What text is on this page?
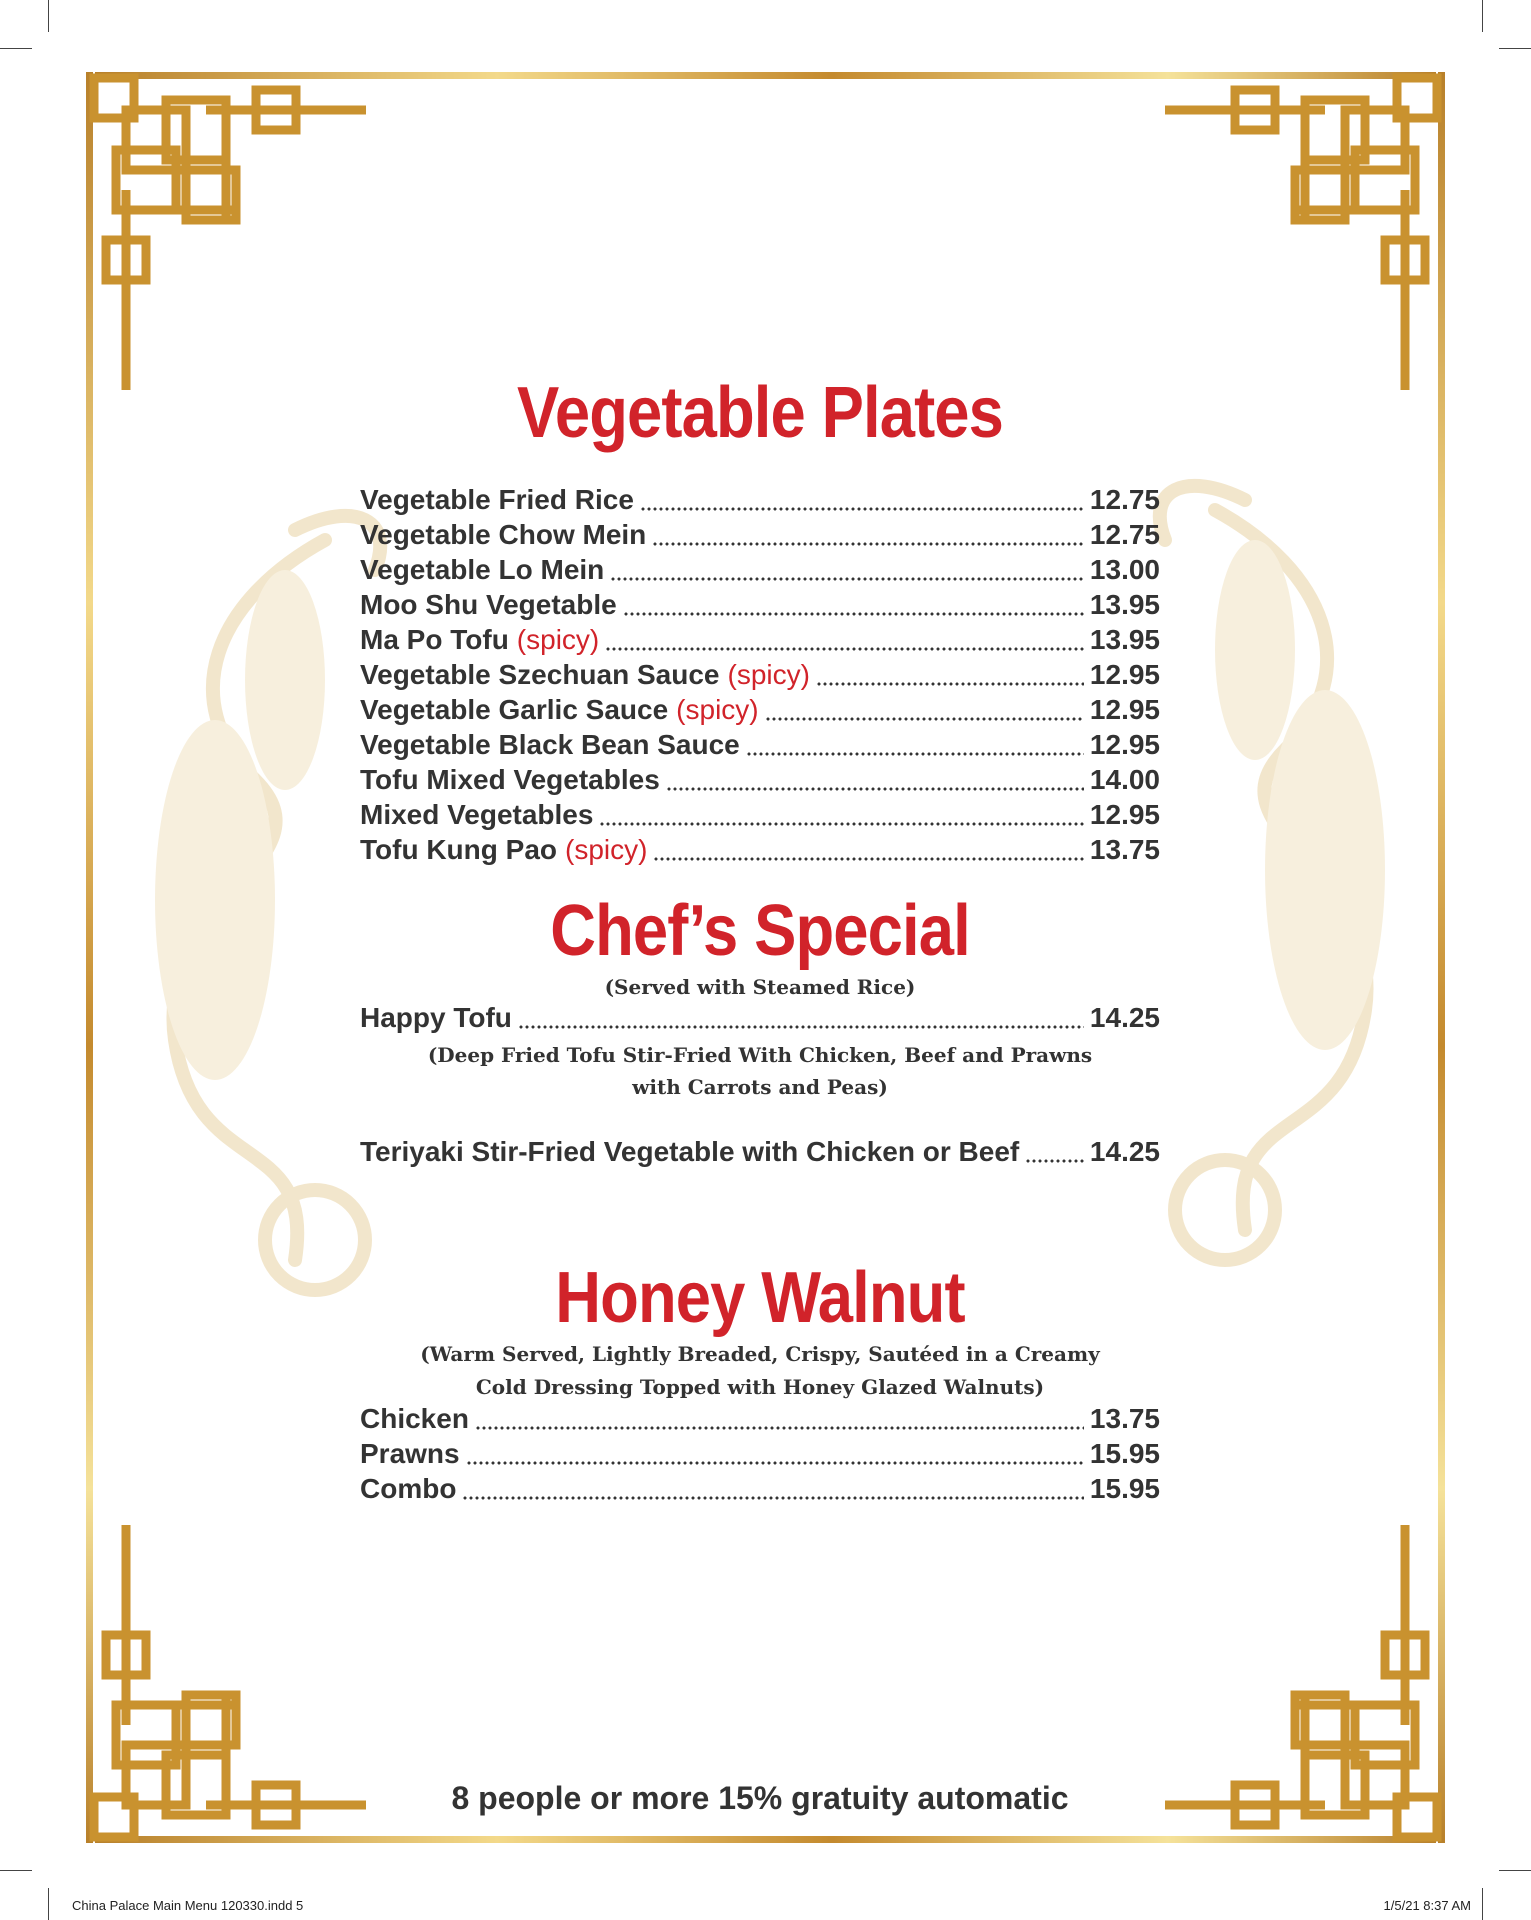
Vegetable Plates
Vegetable Fried Rice	12.75
Vegetable Chow Mein	12.75
Vegetable Lo Mein	13.00
Moo Shu Vegetable	13.95
Ma Po Tofu (spicy)	13.95
Vegetable Szechuan Sauce (spicy)	12.95
Vegetable Garlic Sauce (spicy)	12.95
Vegetable Black Bean Sauce	12.95
Tofu Mixed Vegetables	14.00
Mixed Vegetables	12.95
Tofu Kung Pao (spicy)	13.75
Chef’s Special
(Served with Steamed Rice)
Happy Tofu	14.25
(Deep Fried Tofu Stir-Fried With Chicken, Beef and Prawns
with Carrots and Peas)
Teriyaki Stir-Fried Vegetable with Chicken or Beef	14.25
Honey Walnut
(Warm Served, Lightly Breaded, Crispy, Sautéed in a Creamy
Cold Dressing Topped with Honey Glazed Walnuts)
Chicken	13.75
Prawns	15.95
Combo	15.95
8 people or more 15% gratuity automatic
China Palace Main Menu 120330.indd 5	1/5/21 8:37 AM
